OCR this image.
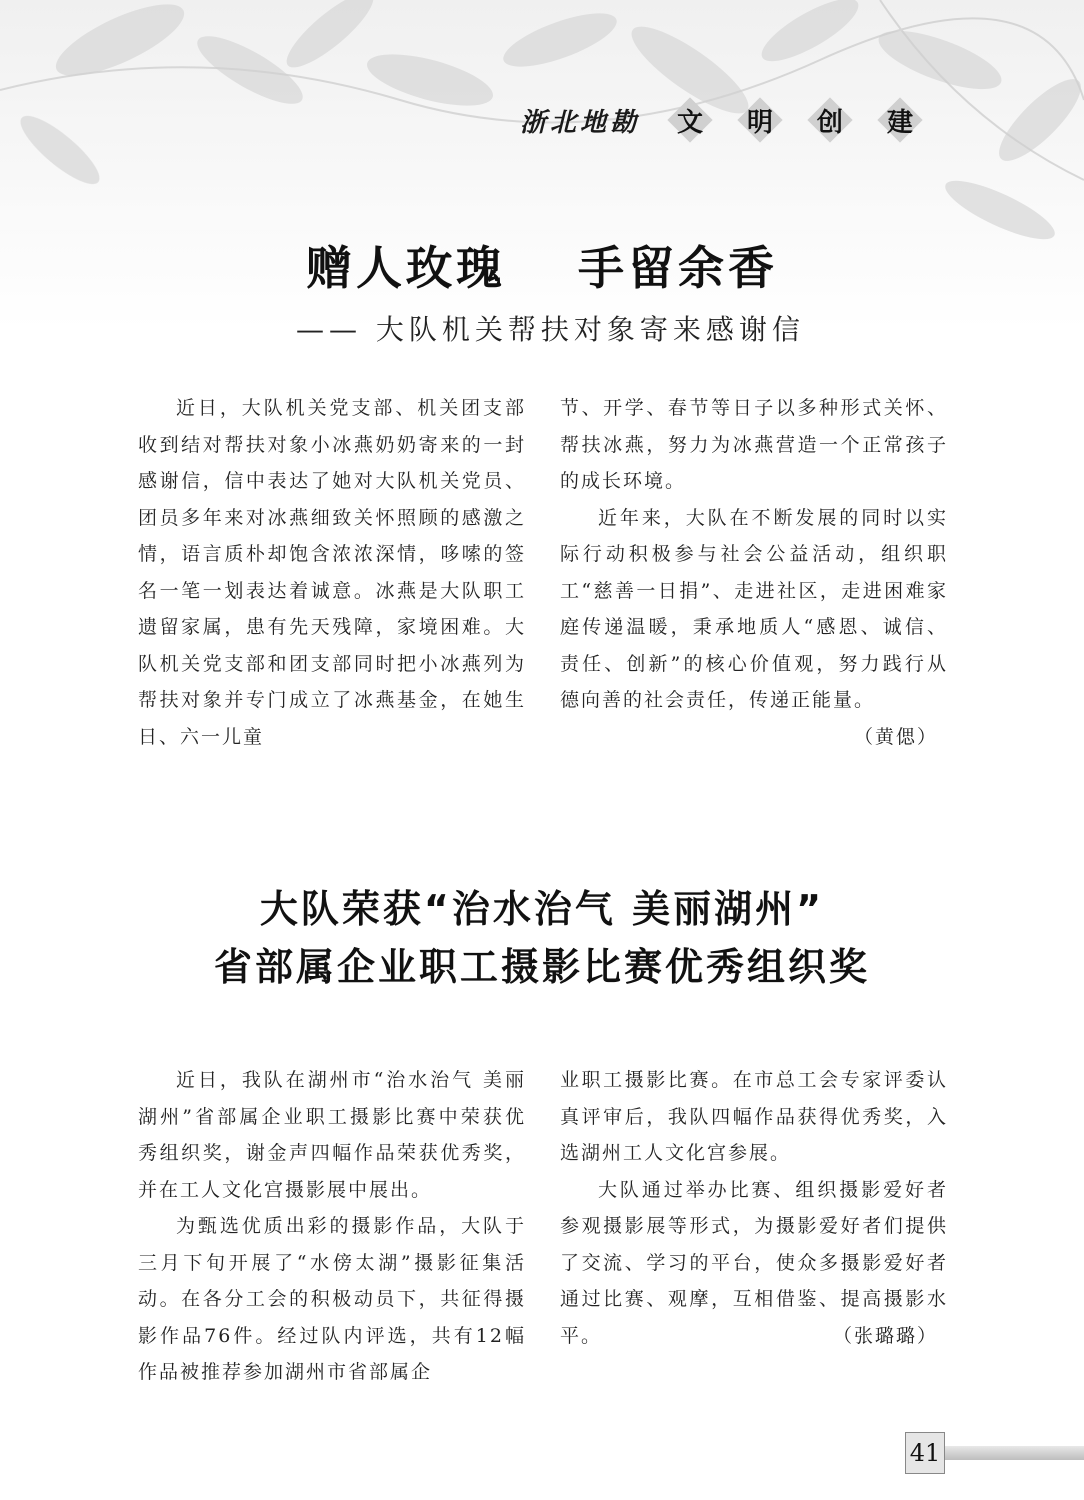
浙北地勘 文 明 创 建
赠人玫瑰 手留余香
—— 大队机关帮扶对象寄来感谢信

近日，大队机关党支部、机关团支部收到结对帮扶对象小冰燕奶奶寄来的一封感谢信，信中表达了她对大队机关党员、团员多年来对冰燕细致关怀照顾的感激之情，语言质朴却饱含浓浓深情，哆嗦的签名一笔一划表达着诚意。冰燕是大队职工遗留家属，患有先天残障，家境困难。大队机关党支部和团支部同时把小冰燕列为帮扶对象并专门成立了冰燕基金，在她生日、六一儿童

节、开学、春节等日子以多种形式关怀、帮扶冰燕，努力为冰燕营造一个正常孩子的成长环境。

近年来，大队在不断发展的同时以实际行动积极参与社会公益活动，组织职工“慈善一日捐”、走进社区，走进困难家庭传递温暖，秉承地质人“感恩、诚信、责任、创新”的核心价值观，努力践行从德向善的社会责任，传递正能量。
（黄偲）

大队荣获“治水治气 美丽湖州”
省部属企业职工摄影比赛优秀组织奖

近日，我队在湖州市“治水治气 美丽湖州”省部属企业职工摄影比赛中荣获优秀组织奖，谢金声四幅作品荣获优秀奖，并在工人文化宫摄影展中展出。

为甄选优质出彩的摄影作品，大队于三月下旬开展了“水傍太湖”摄影征集活动。在各分工会的积极动员下，共征得摄影作品76件。经过队内评选，共有12幅作品被推荐参加湖州市省部属企

业职工摄影比赛。在市总工会专家评委认真评审后，我队四幅作品获得优秀奖，入选湖州工人文化宫参展。

大队通过举办比赛、组织摄影爱好者参观摄影展等形式，为摄影爱好者们提供了交流、学习的平台，使众多摄影爱好者通过比赛、观摩，互相借鉴、提高摄影水平。	（张璐璐）

41
